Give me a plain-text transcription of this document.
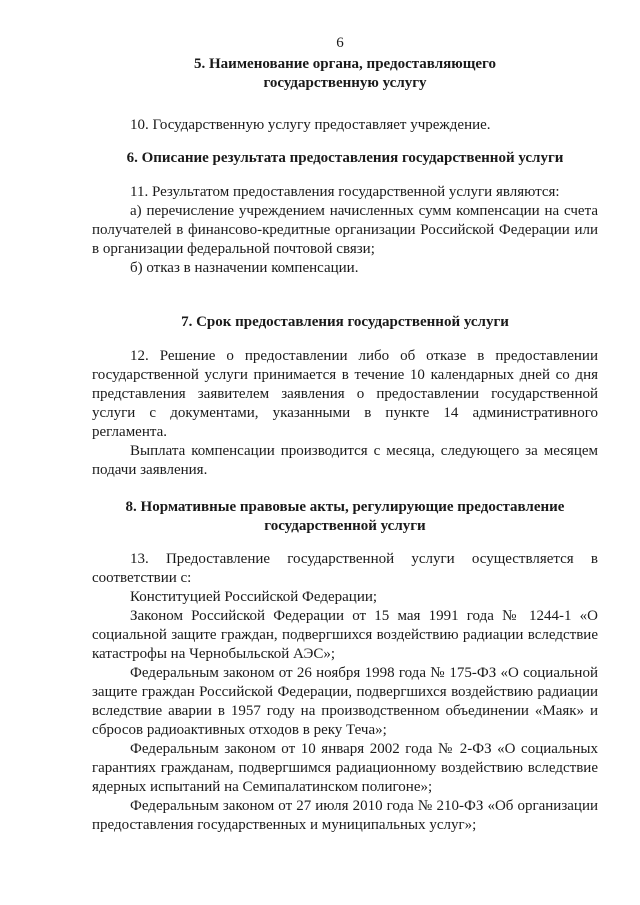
6
5. Наименование органа, предоставляющего
государственную услугу

10. Государственную услугу предоставляет учреждение.

6. Описание результата предоставления государственной услуги

11. Результатом предоставления государственной услуги являются:

а) перечисление учреждением начисленных сумм компенсации на счета получателей в финансово-кредитные организации Российской Федерации или в организации федеральной почтовой связи;

б) отказ в назначении компенсации.

7. Срок предоставления государственной услуги

12. Решение о предоставлении либо об отказе в предоставлении государственной услуги принимается в течение 10 календарных дней со дня представления заявителем заявления о предоставлении государственной услуги с документами, указанными в пункте 14 административного регламента.

Выплата компенсации производится с месяца, следующего за месяцем подачи заявления.

8. Нормативные правовые акты, регулирующие предоставление
государственной услуги

13. Предоставление государственной услуги осуществляется в соответствии с:

Конституцией Российской Федерации;

Законом Российской Федерации от 15 мая 1991 года № 1244-1 «О социальной защите граждан, подвергшихся воздействию радиации вследствие катастрофы на Чернобыльской АЭС»;

Федеральным законом от 26 ноября 1998 года № 175-ФЗ «О социальной защите граждан Российской Федерации, подвергшихся воздействию радиации вследствие аварии в 1957 году на производственном объединении «Маяк» и сбросов радиоактивных отходов в реку Теча»;

Федеральным законом от 10 января 2002 года № 2-ФЗ «О социальных гарантиях гражданам, подвергшимся радиационному воздействию вследствие ядерных испытаний на Семипалатинском полигоне»;

Федеральным законом от 27 июля 2010 года № 210-ФЗ «Об организации предоставления государственных и муниципальных услуг»;
